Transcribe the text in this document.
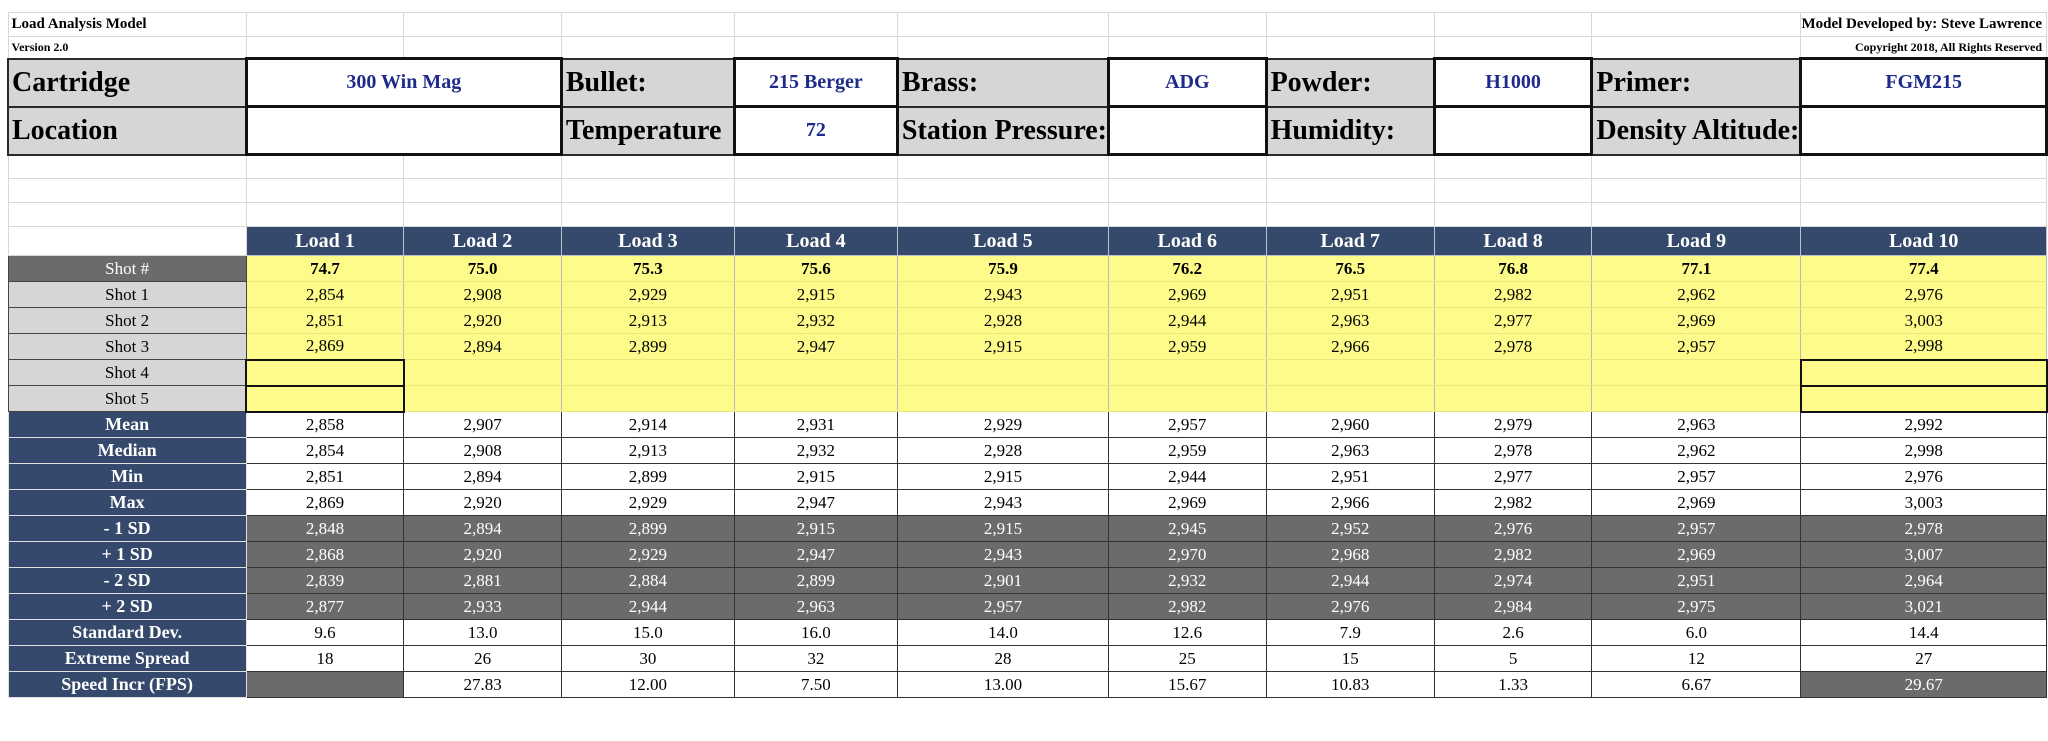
Load Analysis Model										Model Developed by: Steve Lawrence
Version 2.0										Copyright 2018, All Rights Reserved
Cartridge	300 Win Mag		Bullet:	215 Berger	Brass:	ADG	Powder:	H1000	Primer:	FGM215
Location			Temperature	72	Station Pressure:		Humidity:		Density Altitude:	

	Load 1	Load 2	Load 3	Load 4	Load 5	Load 6	Load 7	Load 8	Load 9	Load 10
Shot #	74.7	75.0	75.3	75.6	75.9	76.2	76.5	76.8	77.1	77.4
Shot 1	2,854	2,908	2,929	2,915	2,943	2,969	2,951	2,982	2,962	2,976
Shot 2	2,851	2,920	2,913	2,932	2,928	2,944	2,963	2,977	2,969	3,003
Shot 3	2,869	2,894	2,899	2,947	2,915	2,959	2,966	2,978	2,957	2,998
Shot 4										
Shot 5										
Mean	2,858	2,907	2,914	2,931	2,929	2,957	2,960	2,979	2,963	2,992
Median	2,854	2,908	2,913	2,932	2,928	2,959	2,963	2,978	2,962	2,998
Min	2,851	2,894	2,899	2,915	2,915	2,944	2,951	2,977	2,957	2,976
Max	2,869	2,920	2,929	2,947	2,943	2,969	2,966	2,982	2,969	3,003
- 1 SD	2,848	2,894	2,899	2,915	2,915	2,945	2,952	2,976	2,957	2,978
+ 1 SD	2,868	2,920	2,929	2,947	2,943	2,970	2,968	2,982	2,969	3,007
- 2 SD	2,839	2,881	2,884	2,899	2,901	2,932	2,944	2,974	2,951	2,964
+ 2 SD	2,877	2,933	2,944	2,963	2,957	2,982	2,976	2,984	2,975	3,021
Standard Dev.	9.6	13.0	15.0	16.0	14.0	12.6	7.9	2.6	6.0	14.4
Extreme Spread	18	26	30	32	28	25	15	5	12	27
Speed Incr (FPS)		27.83	12.00	7.50	13.00	15.67	10.83	1.33	6.67	29.67
